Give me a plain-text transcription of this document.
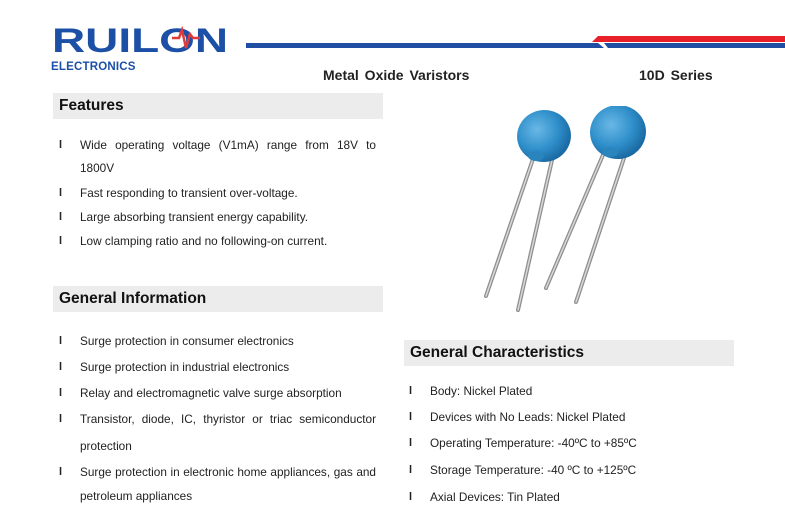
RUILON
ELECTRONICS	Metal Oxide Varistors	10D Series
Features
l Wide operating voltage (V1mA) range from 18V to 1800V
l Fast responding to transient over-voltage.
l Large absorbing transient energy capability.
l Low clamping ratio and no following-on current.
General Information
l Surge protection in consumer electronics
l Surge protection in industrial electronics
l Relay and electromagnetic valve surge absorption
l Transistor, diode, IC, thyristor or triac semiconductor protection
l Surge protection in electronic home appliances, gas and petroleum appliances
General Characteristics
l Body: Nickel Plated
l Devices with No Leads: Nickel Plated
l Operating Temperature: -40ºC to +85ºC
l Storage Temperature: -40 ºC to +125ºC
l Axial Devices: Tin Plated
